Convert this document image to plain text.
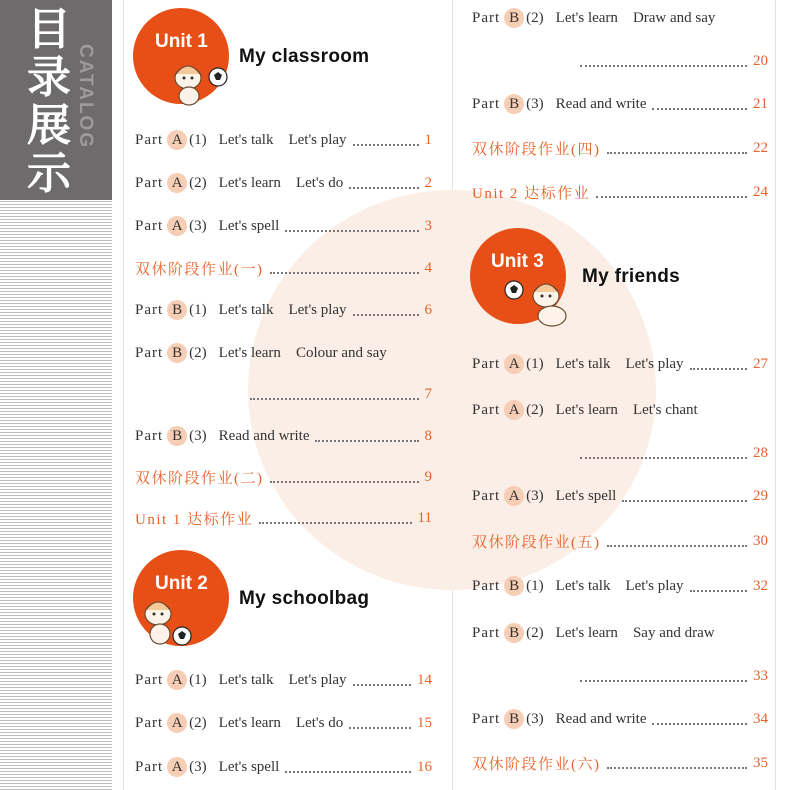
目录展示
CATALOG
Unit 1
My classroom
Unit 2
My schoolbag
Unit 3
My friends
Part A (1) Let's talk Let's play	1
Part A (2) Let's learn Let's do	2
Part A (3) Let's spell	3
双休阶段作业(一)	4
Part B (1) Let's talk Let's play	6
Part B (2) Let's learn Colour and say
7
Part B (3) Read and write	8
双休阶段作业(二)	9
Unit 1 达标作业	11
Part A (1) Let's talk Let's play	14
Part A (2) Let's learn Let's do	15
Part A (3) Let's spell	16
Part B (2) Let's learn Draw and say
20
Part B (3) Read and write	21
双休阶段作业(四)	22
Unit 2 达标作业	24
Part A (1) Let's talk Let's play	27
Part A (2) Let's learn Let's chant
28
Part A (3) Let's spell	29
双休阶段作业(五)	30
Part B (1) Let's talk Let's play	32
Part B (2) Let's learn Say and draw
33
Part B (3) Read and write	34
双休阶段作业(六)	35
